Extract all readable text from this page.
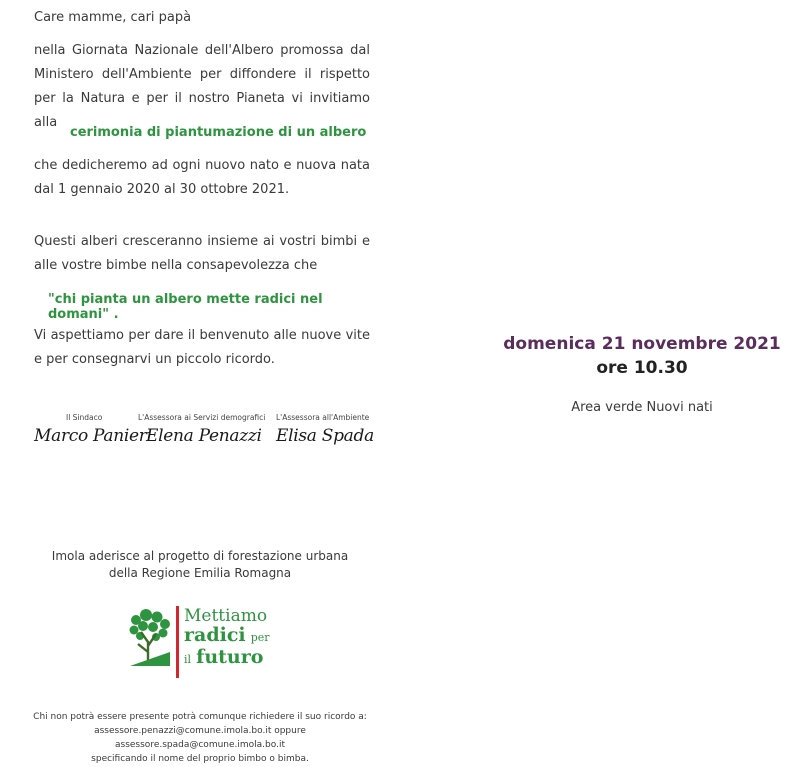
Care mamme, cari papà
nella Giornata Nazionale dell'Albero promossa dal Ministero dell'Ambiente per diffondere il rispetto per la Natura e per il nostro Pianeta vi invitiamo alla
cerimonia di piantumazione di un albero
che dedicheremo ad ogni nuovo nato e nuova nata dal 1 gennaio 2020 al 30 ottobre 2021.
Questi alberi cresceranno insieme ai vostri bimbi e alle vostre bimbe nella consapevolezza che
"chi pianta un albero mette radici nel domani" .
Vi aspettiamo per dare il benvenuto alle nuove vite e per consegnarvi un piccolo ricordo.
Il Sindaco
Marco Panieri
L'Assessora ai Servizi demografici
Elena Penazzi
L'Assessora all'Ambiente
Elisa Spada
Imola aderisce al progetto di forestazione urbana
della Regione Emilia Romagna
Mettiamo
radici per
il futuro
Chi non potrà essere presente potrà comunque richiedere il suo ricordo a:
assessore.penazzi@comune.imola.bo.it oppure
assessore.spada@comune.imola.bo.it
specificando il nome del proprio bimbo o bimba.
domenica 21 novembre 2021
ore 10.30
Area verde Nuovi nati
